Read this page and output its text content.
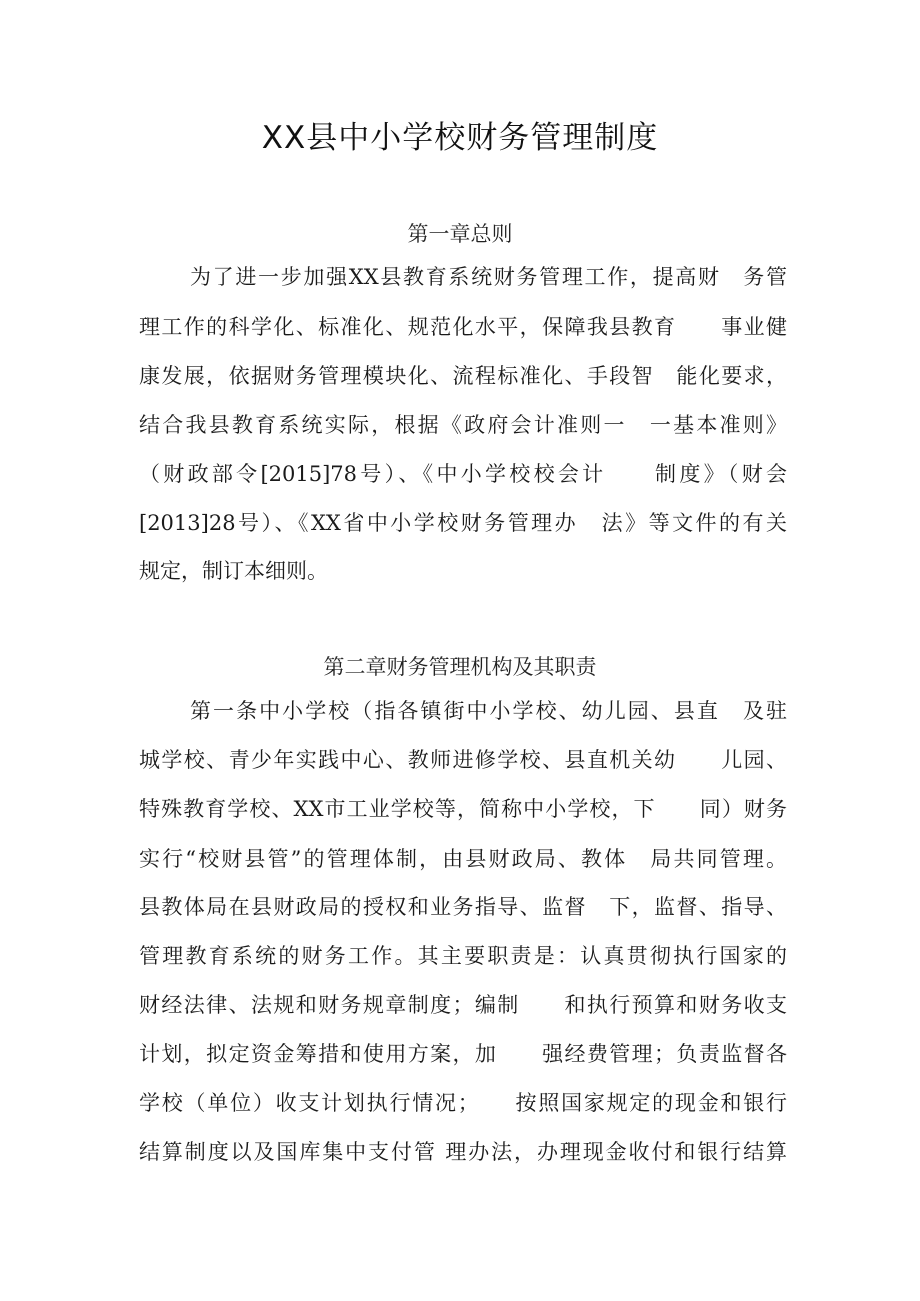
XX县中小学校财务管理制度
第一章总则
为了进一步加强XX县教育系统财务管理工作，提高财　务管
理工作的科学化、标准化、规范化水平，保障我县教育　　事业健
康发展，依据财务管理模块化、流程标准化、手段智　能化要求，
结合我县教育系统实际，根据《政府会计准则一　一基本准则》
（财政部令[2015]78号）、《中小学校校会计　　制度》（财会
[2013]28号）、《XX省中小学校财务管理办　法》等文件的有关
规定，制订本细则。
第二章财务管理机构及其职责
第一条中小学校（指各镇街中小学校、幼儿园、县直　及驻
城学校、青少年实践中心、教师进修学校、县直机关幼　　儿园、
特殊教育学校、XX市工业学校等，简称中小学校，下　　同）财务
实行“校财县管”的管理体制，由县财政局、教体　局共同管理。
县教体局在县财政局的授权和业务指导、监督　下，监督、指导、
管理教育系统的财务工作。其主要职责是：认真贯彻执行国家的
财经法律、法规和财务规章制度；编制　　和执行预算和财务收支
计划，拟定资金筹措和使用方案，加　　强经费管理；负责监督各
学校（单位）收支计划执行情况；　　按照国家规定的现金和银行
结算制度以及国库集中支付管 理办法，办理现金收付和银行结算
